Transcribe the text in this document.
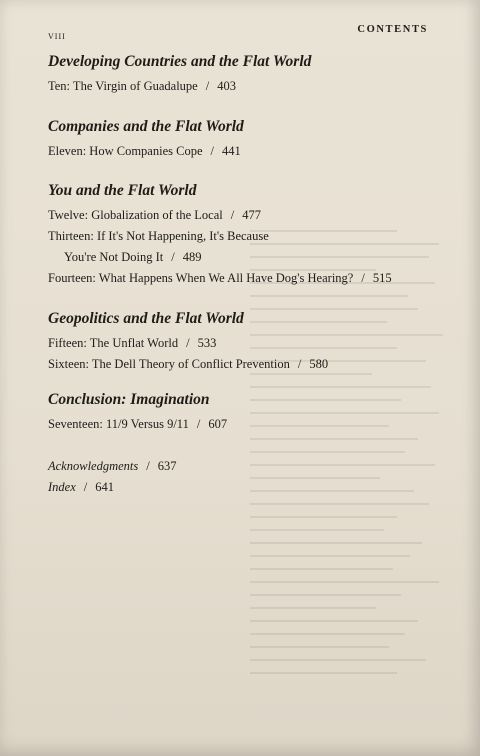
viii
CONTENTS
Developing Countries and the Flat World
Ten: The Virgin of Guadalupe / 403
Companies and the Flat World
Eleven: How Companies Cope / 441
You and the Flat World
Twelve: Globalization of the Local / 477
Thirteen: If It's Not Happening, It's Because
You're Not Doing It / 489
Fourteen: What Happens When We All Have Dog's Hearing? / 515
Geopolitics and the Flat World
Fifteen: The Unflat World / 533
Sixteen: The Dell Theory of Conflict Prevention / 580
Conclusion: Imagination
Seventeen: 11/9 Versus 9/11 / 607
Acknowledgments / 637
Index / 641
